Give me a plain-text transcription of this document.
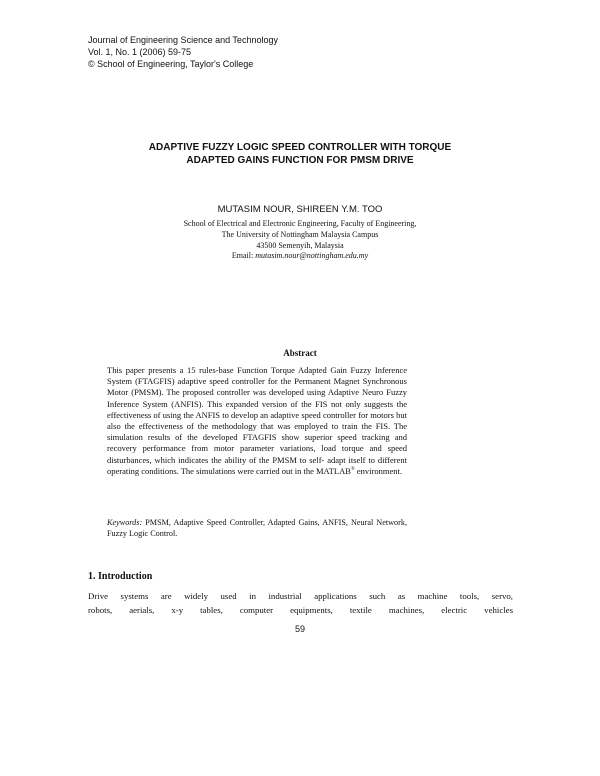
Journal of Engineering Science and Technology
Vol. 1, No. 1 (2006) 59-75
© School of Engineering, Taylor's College
ADAPTIVE FUZZY LOGIC SPEED CONTROLLER WITH TORQUE
ADAPTED GAINS FUNCTION FOR PMSM DRIVE
MUTASIM NOUR, SHIREEN Y.M. TOO
School of Electrical and Electronic Engineering, Faculty of Engineering,
The University of Nottingham Malaysia Campus
43500 Semenyih, Malaysia
Email: mutasim.nour@nottingham.edu.my
Abstract

This paper presents a 15 rules-base Function Torque Adapted Gain Fuzzy Inference System (FTAGFIS) adaptive speed controller for the Permanent Magnet Synchronous Motor (PMSM). The proposed controller was developed using Adaptive Neuro Fuzzy Inference System (ANFIS). This expanded version of the FIS not only suggests the effectiveness of using the ANFIS to develop an adaptive speed controller for motors but also the effectiveness of the methodology that was employed to train the FIS. The simulation results of the developed FTAGFIS show superior speed tracking and recovery performance from motor parameter variations, load torque and speed disturbances, which indicates the ability of the PMSM to self- adapt itself to different operating conditions. The simulations were carried out in the MATLAB® environment.

Keywords: PMSM, Adaptive Speed Controller, Adapted Gains, ANFIS, Neural Network, Fuzzy Logic Control.

1. Introduction

Drive systems are widely used in industrial applications such as machine tools, servo,
robots, aerials, x-y tables, computer equipments, textile machines, electric vehicles

59
